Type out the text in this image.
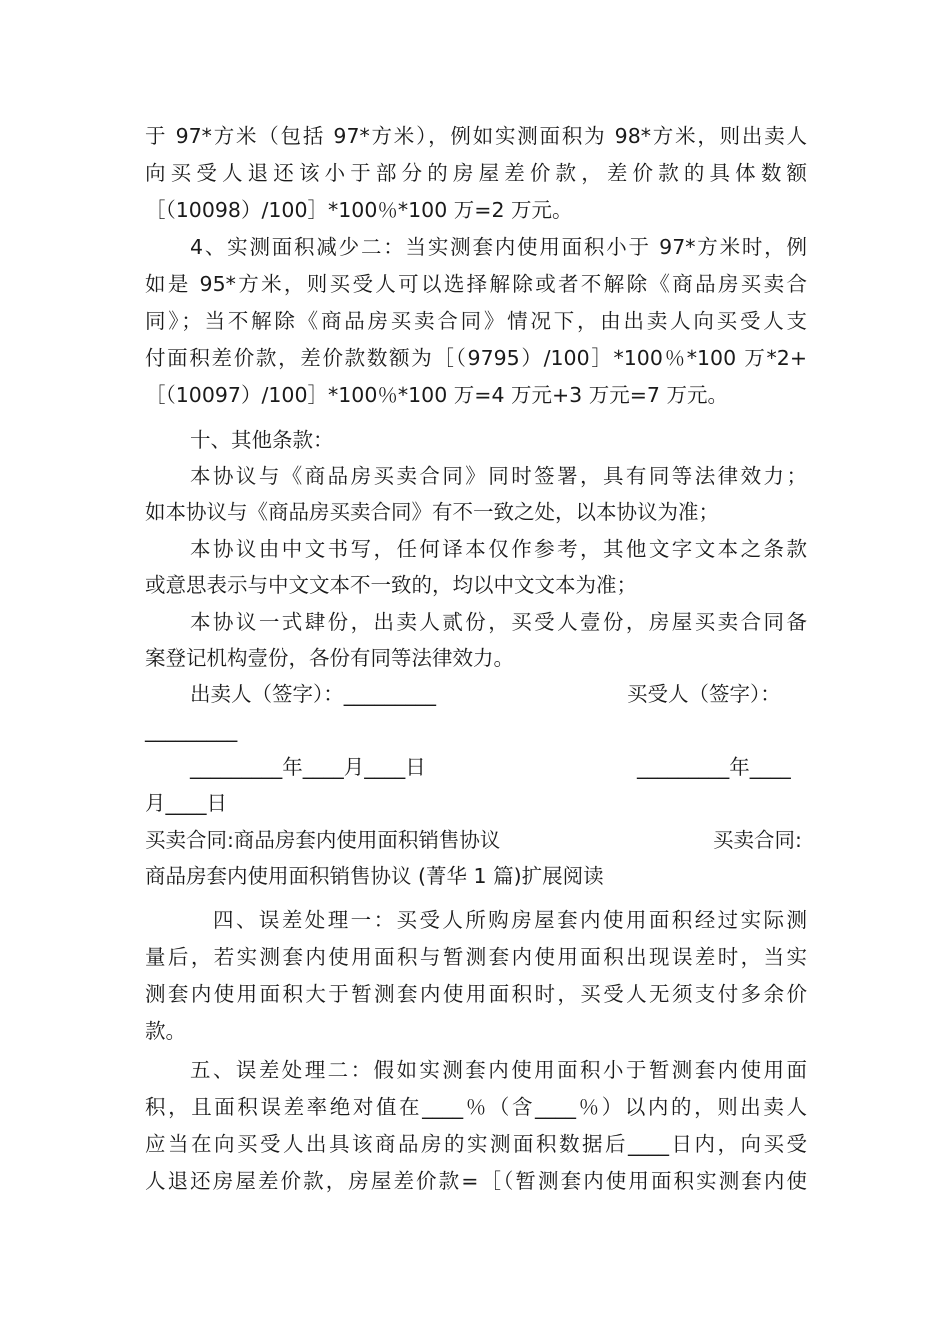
于 97*方米（包括 97*方米），例如实测面积为 98*方米，则出卖人
向买受人退还该小于部分的房屋差价款，差价款的具体数额
［（10098）/100］*100％*100 万=2 万元。
4、实测面积减少二：当实测套内使用面积小于 97*方米时，例
如是 95*方米，则买受人可以选择解除或者不解除《商品房买卖合
同》；当不解除《商品房买卖合同》情况下，由出卖人向买受人支
付面积差价款，差价款数额为［（9795）/100］*100％*100 万*2+
［（10097）/100］*100％*100 万=4 万元+3 万元=7 万元。
十、其他条款：
本协议与《商品房买卖合同》同时签署，具有同等法律效力；
如本协议与《商品房买卖合同》有不一致之处，以本协议为准；
本协议由中文书写，任何译本仅作参考，其他文字文本之条款
或意思表示与中文文本不一致的，均以中文文本为准；
本协议一式肆份，出卖人贰份，买受人壹份，房屋买卖合同备
案登记机构壹份，各份有同等法律效力。
出卖人（签字）：_________	买受人（签字）：
_________
_________年____月____日	_________年____
月____日
买卖合同:商品房套内使用面积销售协议	买卖合同:
商品房套内使用面积销售协议 (菁华 1 篇)扩展阅读
四、误差处理一：买受人所购房屋套内使用面积经过实际测
量后，若实测套内使用面积与暂测套内使用面积出现误差时，当实
测套内使用面积大于暂测套内使用面积时，买受人无须支付多余价
款。
五、误差处理二：假如实测套内使用面积小于暂测套内使用面
积，且面积误差率绝对值在____％（含____％）以内的，则出卖人
应当在向买受人出具该商品房的实测面积数据后____日内，向买受
人退还房屋差价款，房屋差价款=［（暂测套内使用面积实测套内使
